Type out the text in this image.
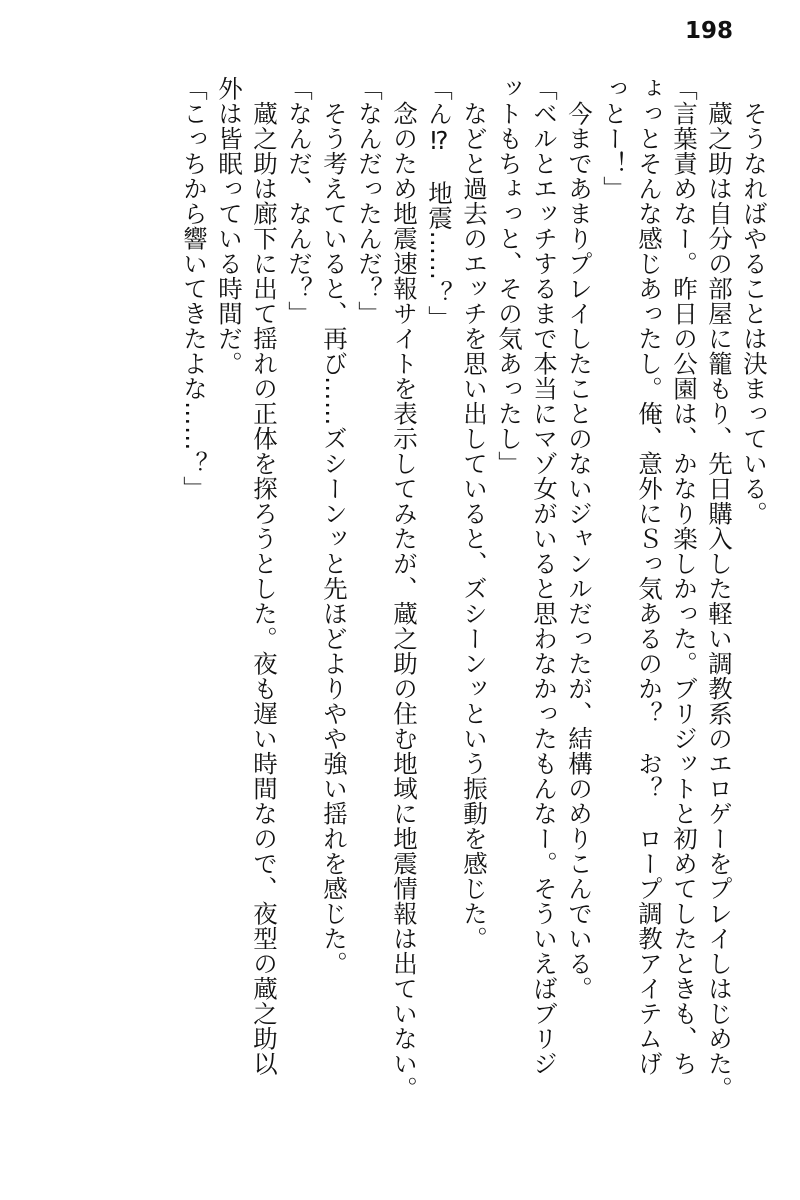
198
　そうなればやることは決まっている。
　蔵之助は自分の部屋に籠もり、先日購入した軽い調教系のエロゲーをプレイしはじめた。
「言葉責めなー。昨日の公園は、かなり楽しかった。ブリジットと初めてしたときも、ち
ょっとそんな感じあったし。俺、意外にＳっ気あるのか？　お？　ロープ調教アイテムげ
っとー！」
　今まであまりプレイしたことのないジャンルだったが、結構のめりこんでいる。
「ベルとエッチするまで本当にマゾ女がいると思わなかったもんなー。そういえばブリジ
ットもちょっと、その気あったし」
　などと過去のエッチを思い出していると、ズシーンッという振動を感じた。
「ん⁉　地震……？」
　念のため地震速報サイトを表示してみたが、蔵之助の住む地域に地震情報は出ていない。
「なんだったんだ？」
　そう考えていると、再び……ズシーンッと先ほどよりやや強い揺れを感じた。
「なんだ、なんだ？」
　蔵之助は廊下に出て揺れの正体を探ろうとした。夜も遅い時間なので、夜型の蔵之助以
外は皆眠っている時間だ。
「こっちから響いてきたよな……？」
